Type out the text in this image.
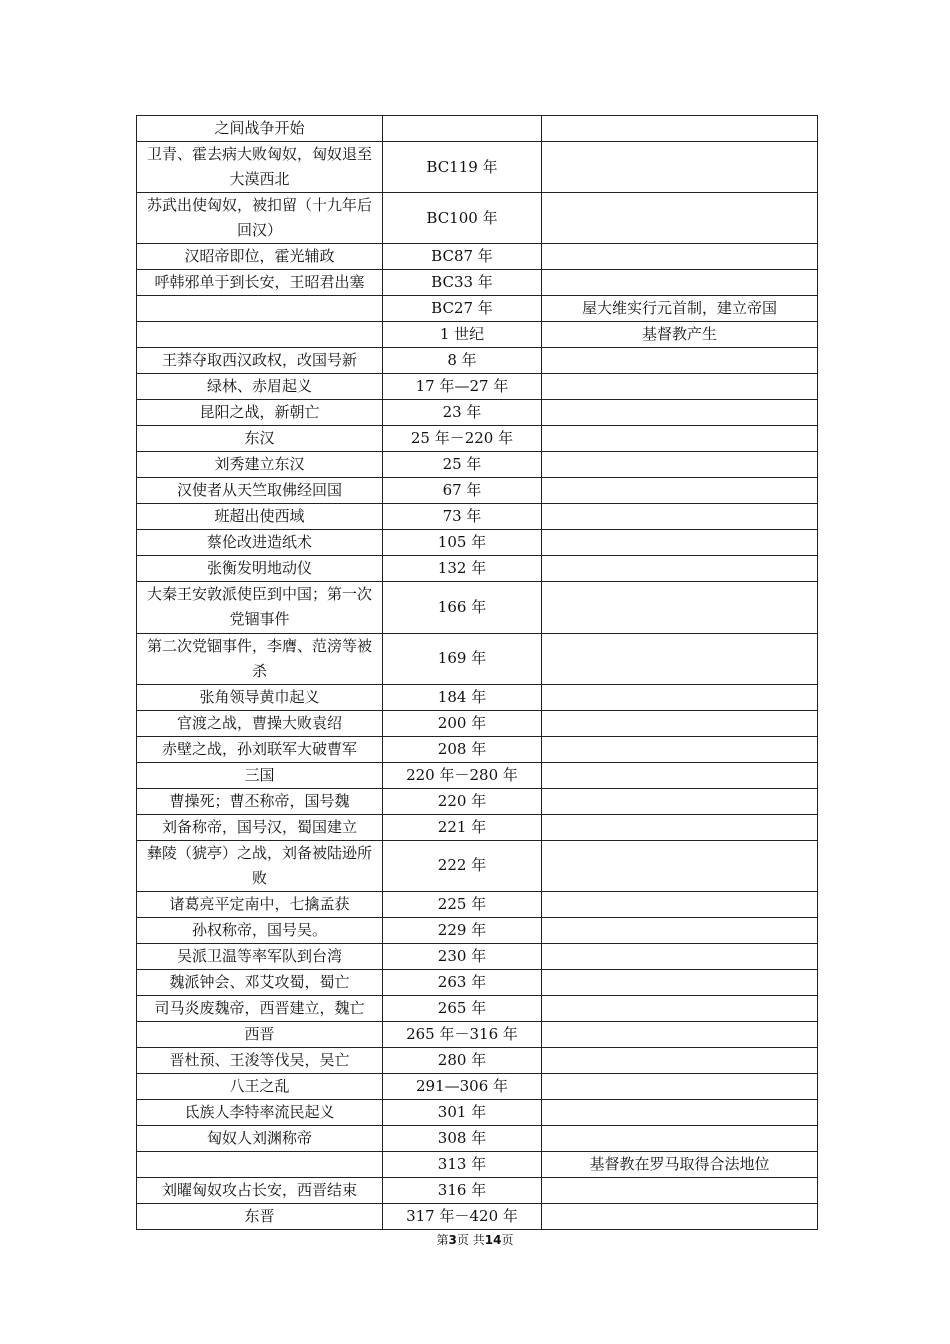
之间战争开始		
卫青、霍去病大败匈奴，匈奴退至大漠西北	BC119 年	
苏武出使匈奴，被扣留（十九年后回汉）	BC100 年	
汉昭帝即位，霍光辅政	BC87 年	
呼韩邪单于到长安，王昭君出塞	BC33 年	
	BC27 年	屋大维实行元首制，建立帝国
	1 世纪	基督教产生
王莽夺取西汉政权，改国号新	8 年	
绿林、赤眉起义	17 年—27 年	
昆阳之战，新朝亡	23 年	
东汉	25 年－220 年	
刘秀建立东汉	25 年	
汉使者从天竺取佛经回国	67 年	
班超出使西域	73 年	
蔡伦改进造纸术	105 年	
张衡发明地动仪	132 年	
大秦王安敦派使臣到中国；第一次党锢事件	166 年	
第二次党锢事件，李膺、范滂等被杀	169 年	
张角领导黄巾起义	184 年	
官渡之战，曹操大败袁绍	200 年	
赤壁之战，孙刘联军大破曹军	208 年	
三国	220 年－280 年	
曹操死；曹丕称帝，国号魏	220 年	
刘备称帝，国号汉，蜀国建立	221 年	
彝陵（猇亭）之战，刘备被陆逊所败	222 年	
诸葛亮平定南中，七擒孟获	225 年	
孙权称帝，国号吴。	229 年	
吴派卫温等率军队到台湾	230 年	
魏派钟会、邓艾攻蜀，蜀亡	263 年	
司马炎废魏帝，西晋建立，魏亡	265 年	
西晋	265 年－316 年	
晋杜预、王浚等伐吴，吴亡	280 年	
八王之乱	291—306 年	
氐族人李特率流民起义	301 年	
匈奴人刘渊称帝	308 年	
	313 年	基督教在罗马取得合法地位
刘曜匈奴攻占长安，西晋结束	316 年	
东晋	317 年－420 年	
第3页 共14页
